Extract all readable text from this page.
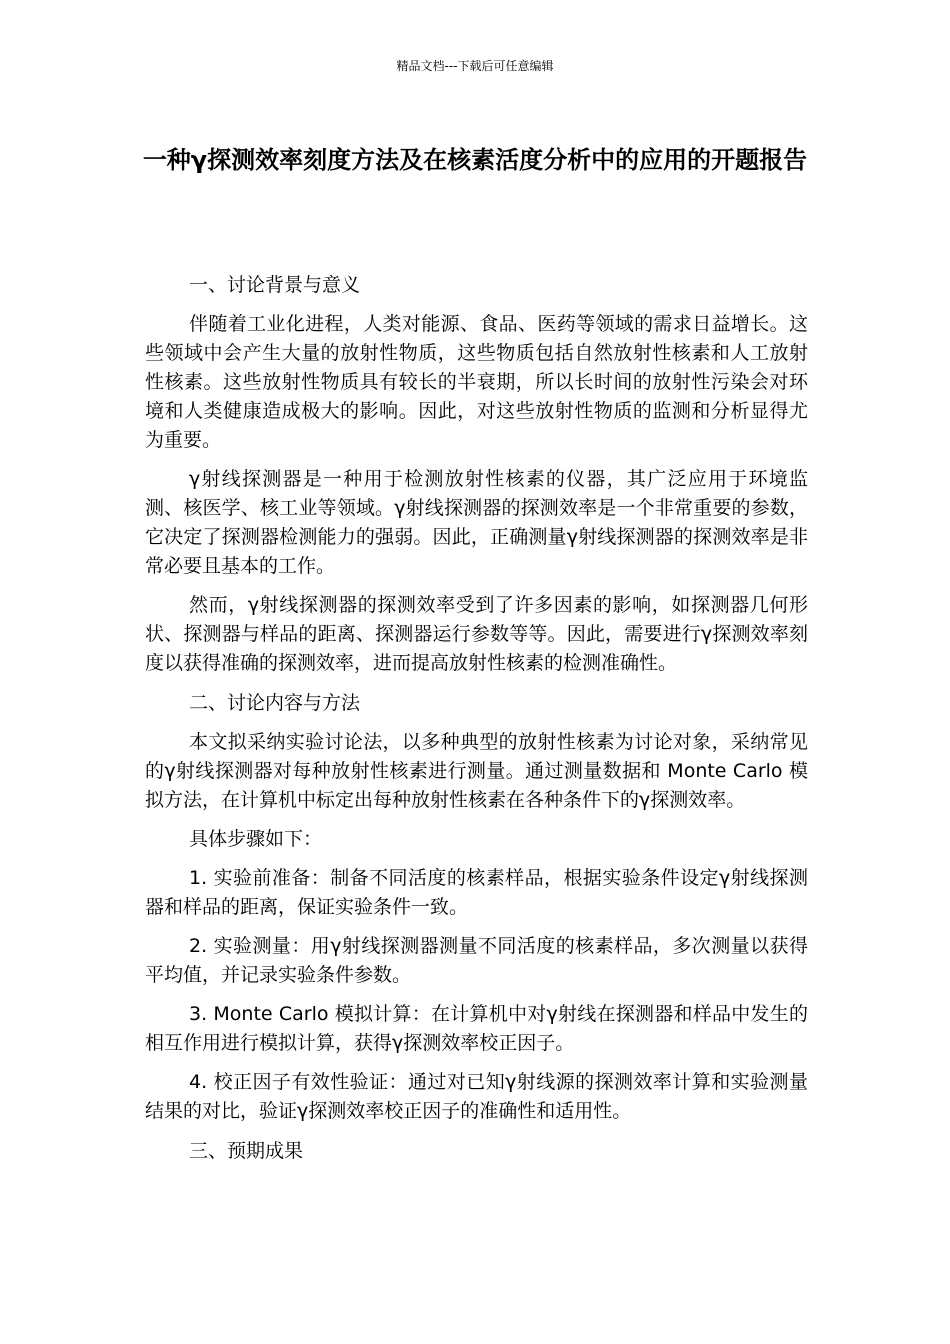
精品文档---下载后可任意编辑
一种γ探测效率刻度方法及在核素活度分析中的应用的开题报告

一、讨论背景与意义

伴随着工业化进程，人类对能源、食品、医药等领域的需求日益增长。这些领域中会产生大量的放射性物质，这些物质包括自然放射性核素和人工放射性核素。这些放射性物质具有较长的半衰期，所以长时间的放射性污染会对环境和人类健康造成极大的影响。因此，对这些放射性物质的监测和分析显得尤为重要。

γ射线探测器是一种用于检测放射性核素的仪器，其广泛应用于环境监测、核医学、核工业等领域。γ射线探测器的探测效率是一个非常重要的参数，它决定了探测器检测能力的强弱。因此，正确测量γ射线探测器的探测效率是非常必要且基本的工作。

然而，γ射线探测器的探测效率受到了许多因素的影响，如探测器几何形状、探测器与样品的距离、探测器运行参数等等。因此，需要进行γ探测效率刻度以获得准确的探测效率，进而提高放射性核素的检测准确性。

二、讨论内容与方法

本文拟采纳实验讨论法，以多种典型的放射性核素为讨论对象，采纳常见的γ射线探测器对每种放射性核素进行测量。通过测量数据和 Monte Carlo 模拟方法，在计算机中标定出每种放射性核素在各种条件下的γ探测效率。

具体步骤如下：

1. 实验前准备：制备不同活度的核素样品，根据实验条件设定γ射线探测器和样品的距离，保证实验条件一致。

2. 实验测量：用γ射线探测器测量不同活度的核素样品，多次测量以获得平均值，并记录实验条件参数。

3. Monte Carlo 模拟计算：在计算机中对γ射线在探测器和样品中发生的相互作用进行模拟计算，获得γ探测效率校正因子。

4. 校正因子有效性验证：通过对已知γ射线源的探测效率计算和实验测量结果的对比，验证γ探测效率校正因子的准确性和适用性。

三、预期成果
